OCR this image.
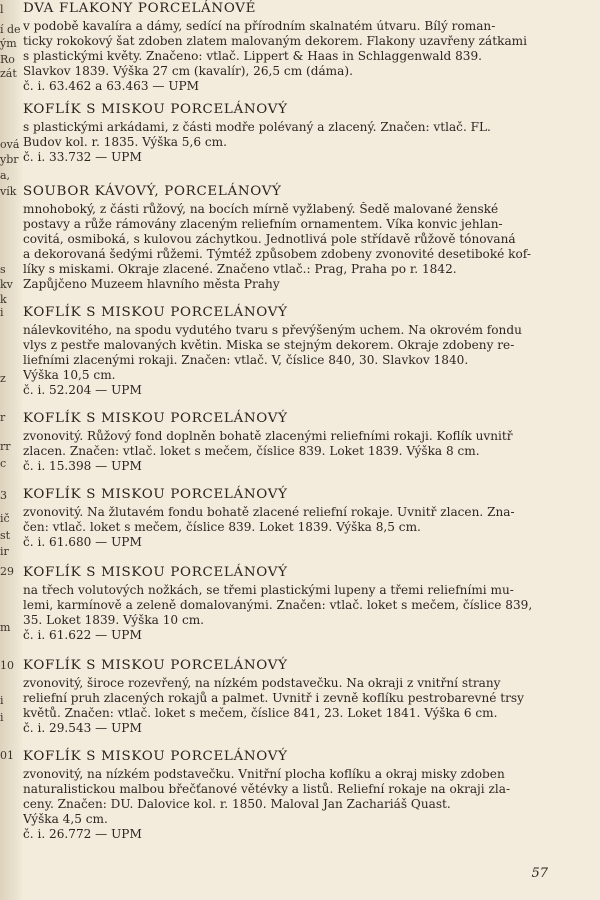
l
í de
ým
Ro
zát
ová
ybr
a,
vík
s
kv
k
i
z
r
rr
c
3
ič
st
ir
29
m
10
i
i
01
DVA FLAKONY PORCELÁNOVÉ
v podobě kavalíra a dámy, sedící na přírodním skalnatém útvaru. Bílý roman-
ticky rokokový šat zdoben zlatem malovaným dekorem. Flakony uzavřeny zátkami
s plastickými květy. Značeno: vtlač. Lippert & Haas in Schlaggenwald 839.
Slavkov 1839. Výška 27 cm (kavalír), 26,5 cm (dáma).
č. i. 63.462 a 63.463 — UPM
KOFLÍK S MISKOU PORCELÁNOVÝ
s plastickými arkádami, z části modře polévaný a zlacený. Značen: vtlač. FL.
Budov kol. r. 1835. Výška 5,6 cm.
č. i. 33.732 — UPM
SOUBOR KÁVOVÝ, PORCELÁNOVÝ
mnohoboký, z části růžový, na bocích mírně vyžlabený. Šedě malované ženské
postavy a růže rámovány zlaceným reliefním ornamentem. Víka konvic jehlan-
covitá, osmiboká, s kulovou záchytkou. Jednotlivá pole střídavě růžově tónovaná
a dekorovaná šedými růžemi. Týmtéž způsobem zdobeny zvonovité desetiboké kof-
líky s miskami. Okraje zlacené. Značeno vtlač.: Prag, Praha po r. 1842.
Zapůjčeno Muzeem hlavního města Prahy
KOFLÍK S MISKOU PORCELÁNOVÝ
nálevkovitého, na spodu vydutého tvaru s převýšeným uchem. Na okrovém fondu
vlys z pestře malovaných květin. Miska se stejným dekorem. Okraje zdobeny re-
liefními zlacenými rokaji. Značen: vtlač. V, číslice 840, 30. Slavkov 1840.
Výška 10,5 cm.
č. i. 52.204 — UPM
KOFLÍK S MISKOU PORCELÁNOVÝ
zvonovitý. Růžový fond doplněn bohatě zlacenými reliefními rokaji. Koflík uvnitř
zlacen. Značen: vtlač. loket s mečem, číslice 839. Loket 1839. Výška 8 cm.
č. i. 15.398 — UPM
KOFLÍK S MISKOU PORCELÁNOVÝ
zvonovitý. Na žlutavém fondu bohatě zlacené reliefní rokaje. Uvnitř zlacen. Zna-
čen: vtlač. loket s mečem, číslice 839. Loket 1839. Výška 8,5 cm.
č. i. 61.680 — UPM
KOFLÍK S MISKOU PORCELÁNOVÝ
na třech volutových nožkách, se třemi plastickými lupeny a třemi reliefními mu-
lemi, karmínově a zeleně domalovanými. Značen: vtlač. loket s mečem, číslice 839,
35. Loket 1839. Výška 10 cm.
č. i. 61.622 — UPM
KOFLÍK S MISKOU PORCELÁNOVÝ
zvonovitý, široce rozevřený, na nízkém podstavečku. Na okraji z vnitřní strany
reliefní pruh zlacených rokajů a palmet. Uvnitř i zevně koflíku pestrobarevné trsy
květů. Značen: vtlač. loket s mečem, číslice 841, 23. Loket 1841. Výška 6 cm.
č. i. 29.543 — UPM
KOFLÍK S MISKOU PORCELÁNOVÝ
zvonovitý, na nízkém podstavečku. Vnitřní plocha koflíku a okraj misky zdoben
naturalistickou malbou břečťanové větévky a listů. Reliefní rokaje na okraji zla-
ceny. Značen: DU. Dalovice kol. r. 1850. Maloval Jan Zachariáš Quast.
Výška 4,5 cm.
č. i. 26.772 — UPM
57
